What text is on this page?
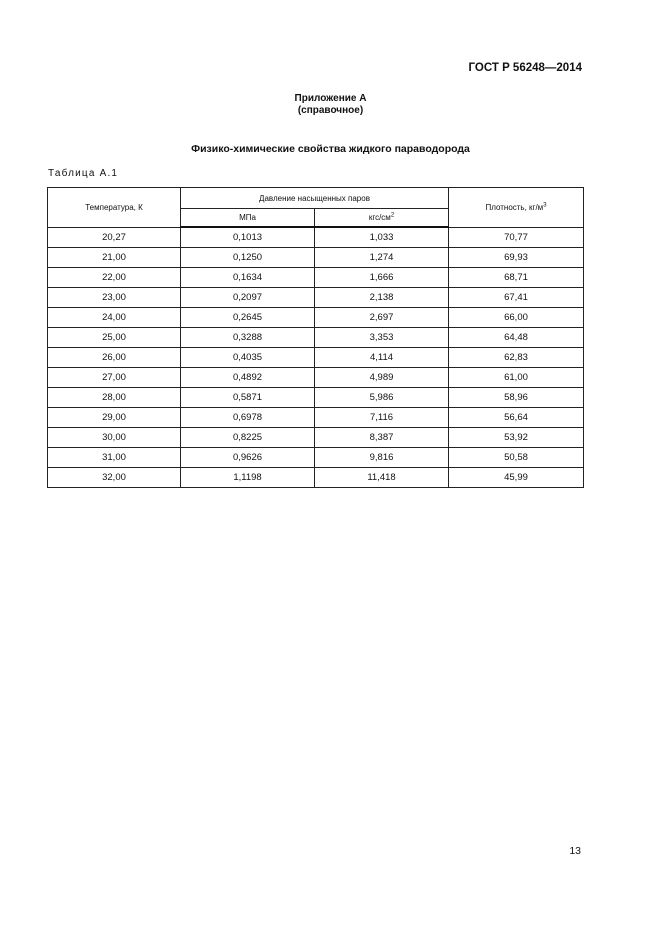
ГОСТ Р 56248—2014
Приложение А
(справочное)
Физико-химические свойства жидкого параводорода
Таблица А.1
Температура, К	Давление насыщенных паров		Плотность, $кг/м^3$
	МПа	кгс/$см^2$
20,27	0,1013	1,033	70,77
21,00	0,1250	1,274	69,93
22,00	0,1634	1,666	68,71
23,00	0,2097	2,138	67,41
24,00	0,2645	2,697	66,00
25,00	0,3288	3,353	64,48
26,00	0,4035	4,114	62,83
27,00	0,4892	4,989	61,00
28,00	0,5871	5,986	58,96
29,00	0,6978	7,116	56,64
30,00	0,8225	8,387	53,92
31,00	0,9626	9,816	50,58
32,00	1,1198	11,418	45,99
13
